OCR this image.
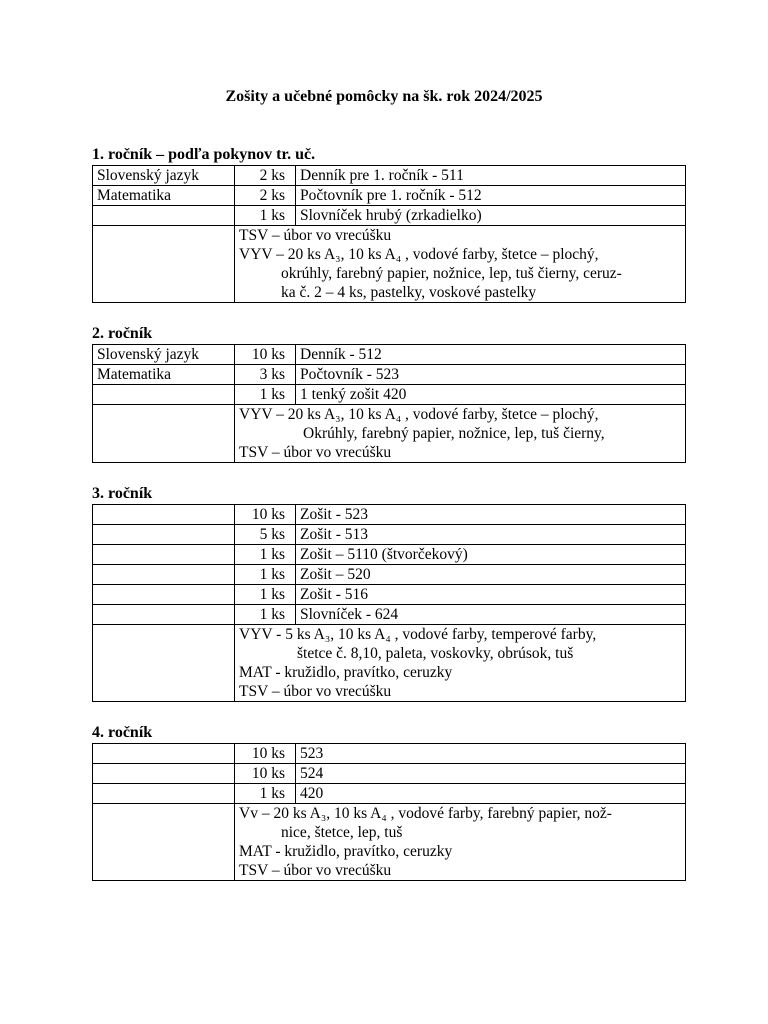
Zošity a učebné pomôcky na šk. rok 2024/2025
1. ročník – podľa pokynov tr. uč.
Slovenský jazyk	2 ks	Denník pre 1. ročník - 511
Matematika	2 ks	Počtovník pre 1. ročník - 512
	1 ks	Slovníček hrubý (zrkadielko)

	TSV – úbor vo vrecúšku
VYV – 20 ks A₃, 10 ks A₄ , vodové farby, štetce – plochý,
okrúhly, farebný papier, nožnice, lep, tuš čierny, ceruz-
ka č. 2 – 4 ks, pastelky, voskové pastelky	
2. ročník
Slovenský jazyk	10 ks	Denník - 512
Matematika	3 ks	Počtovník - 523
	1 ks	1 tenký zošit 420

	VYV – 20 ks A₃, 10 ks A₄ , vodové farby, štetce – plochý,
Okrúhly, farebný papier, nožnice, lep, tuš čierny,
TSV – úbor vo vrecúšku	
3. ročník
	10 ks	Zošit - 523
	5 ks	Zošit - 513
	1 ks	Zošit – 5110 (štvorčekový)
	1 ks	Zošit – 520
	1 ks	Zošit - 516
	1 ks	Slovníček - 624

	VYV - 5 ks A₃, 10 ks A₄ , vodové farby, temperové farby,
štetce č. 8,10, paleta, voskovky, obrúsok, tuš
MAT - kružidlo, pravítko, ceruzky
TSV – úbor vo vrecúšku	
4. ročník
	10 ks	523
	10 ks	524
	1 ks	420

	Vv – 20 ks A₃, 10 ks A₄ , vodové farby, farebný papier, nož-
nice, štetce, lep, tuš
MAT - kružidlo, pravítko, ceruzky
TSV – úbor vo vrecúšku	
